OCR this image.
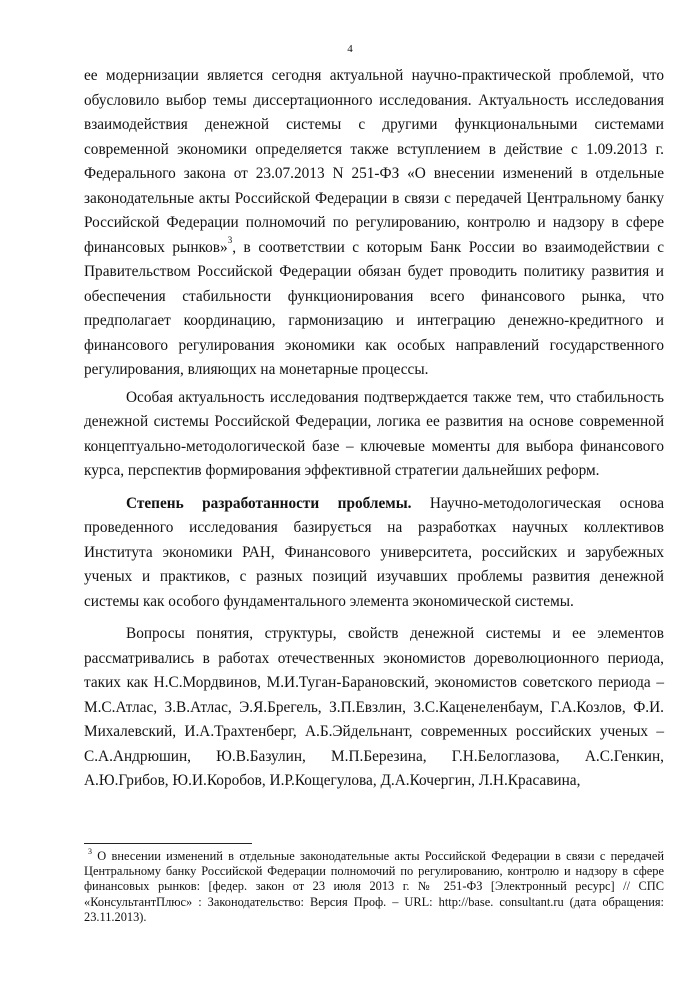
4

ее модернизации является сегодня актуальной научно-практической проблемой, что обусловило выбор темы диссертационного исследования. Актуальность исследования взаимодействия денежной системы с другими функциональными системами современной экономики определяется также вступлением в действие с 1.09.2013 г. Федерального закона от 23.07.2013 N 251-ФЗ «О внесении изменений в отдельные законодательные акты Российской Федерации в связи с передачей Центральному банку Российской Федерации полномочий по регулированию, контролю и надзору в сфере финансовых рынков»$^3$, в соответствии с которым Банк России во взаимодействии с Правительством Российской Федерации обязан будет проводить политику развития и обеспечения стабильности функционирования всего финансового рынка, что предполагает координацию, гармонизацию и интеграцию денежно-кредитного и финансового регулирования экономики как особых направлений государственного регулирования, влияющих на монетарные процессы.

Особая актуальность исследования подтверждается также тем, что стабильность денежной системы Российской Федерации, логика ее развития на основе современной концептуально-методологической базе – ключевые моменты для выбора финансового курса, перспектив формирования эффективной стратегии дальнейших реформ.

Степень разработанности проблемы. Научно-методологическая основа проведенного исследования базирується на разработках научных коллективов Института экономики РАН, Финансового университета, российских и зарубежных ученых и практиков, с разных позиций изучавших проблемы развития денежной системы как особого фундаментального элемента экономической системы.

Вопросы понятия, структуры, свойств денежной системы и ее элементов рассматривались в работах отечественных экономистов дореволюционного периода, таких как Н.С.Мордвинов, М.И.Туган-Барановский, экономистов советского периода – М.С.Атлас, З.В.Атлас, Э.Я.Брегель, З.П.Евзлин, З.С.Каценеленбаум, Г.А.Козлов, Ф.И. Михалевский, И.А.Трахтенберг, А.Б.Эйдельнант, современных российских ученых – С.А.Андрюшин, Ю.В.Базулин, М.П.Березина, Г.Н.Белоглазова, А.С.Генкин, А.Ю.Грибов, Ю.И.Коробов, И.Р.Кощегулова, Д.А.Кочергин, Л.Н.Красавина,

$^3$ О внесении изменений в отдельные законодательные акты Российской Федерации в связи с передачей Центральному банку Российской Федерации полномочий по регулированию, контролю и надзору в сфере финансовых рынков: [федер. закон от 23 июля 2013 г. № 251-ФЗ [Электронный ресурс] // СПС «КонсультантПлюс» : Законодательство: Версия Проф. – URL: http://base. consultant.ru (дата обращения: 23.11.2013).
